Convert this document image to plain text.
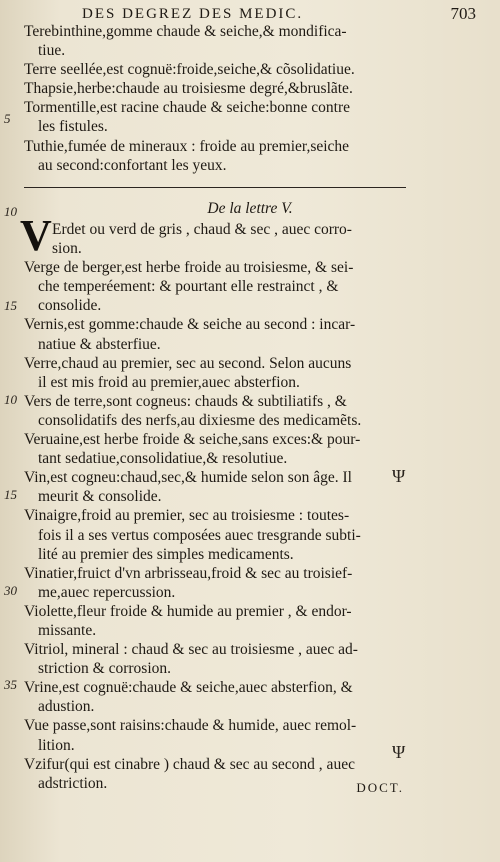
DES DEGREZ DES MEDIC.	703
Terebinthine,gomme chaude & seiche,& mondifica-
tiue.
Terre seellée,est cognuë:froide,seiche,& cõsolidatiue.
Thapsie,herbe:chaude au troisiesme degré,&bruslãte.
Tormentille,est racine chaude & seiche:bonne contre
les fistules.
Tuthie,fumée de mineraux : froide au premier,seiche
au second:confortant les yeux.
De la lettre V.
V Erdet ou verd de gris , chaud & sec , auec corro-
sion.
Verge de berger,est herbe froide au troisiesme, & sei-
che temperéement: & pourtant elle restrainct , &
consolide.
Vernis,est gomme:chaude & seiche au second : incar-
natiue & absterfiue.
Verre,chaud au premier, sec au second. Selon aucuns
il est mis froid au premier,auec absterfion.
Vers de terre,sont cogneus: chauds & subtiliatifs , &
consolidatifs des nerfs,au dixiesme des medicamẽts.
Veruaine,est herbe froide & seiche,sans exces:& pour-
tant sedatiue,consolidatiue,& resolutiue.
Vin,est cogneu:chaud,sec,& humide selon son âge. Il
meurit & consolide.
Vinaigre,froid au premier, sec au troisiesme : toutes-
fois il a ses vertus composées auec tresgrande subti-
lité au premier des simples medicaments.
Vinatier,fruict d'vn arbrisseau,froid & sec au troisief-
me,auec repercussion.
Violette,fleur froide & humide au premier , & endor-
missante.
Vitriol, mineral : chaud & sec au troisiesme , auec ad-
striction & corrosion.
Vrine,est cognuë:chaude & seiche,auec absterfion, &
adustion.
Vue passe,sont raisins:chaude & humide, auec remol-
lition.
Vzifur(qui est cinabre ) chaud & sec au second , auec
adstriction.
5
10
15
10
15
30
35
Ψ
Ψ
DOCT.
